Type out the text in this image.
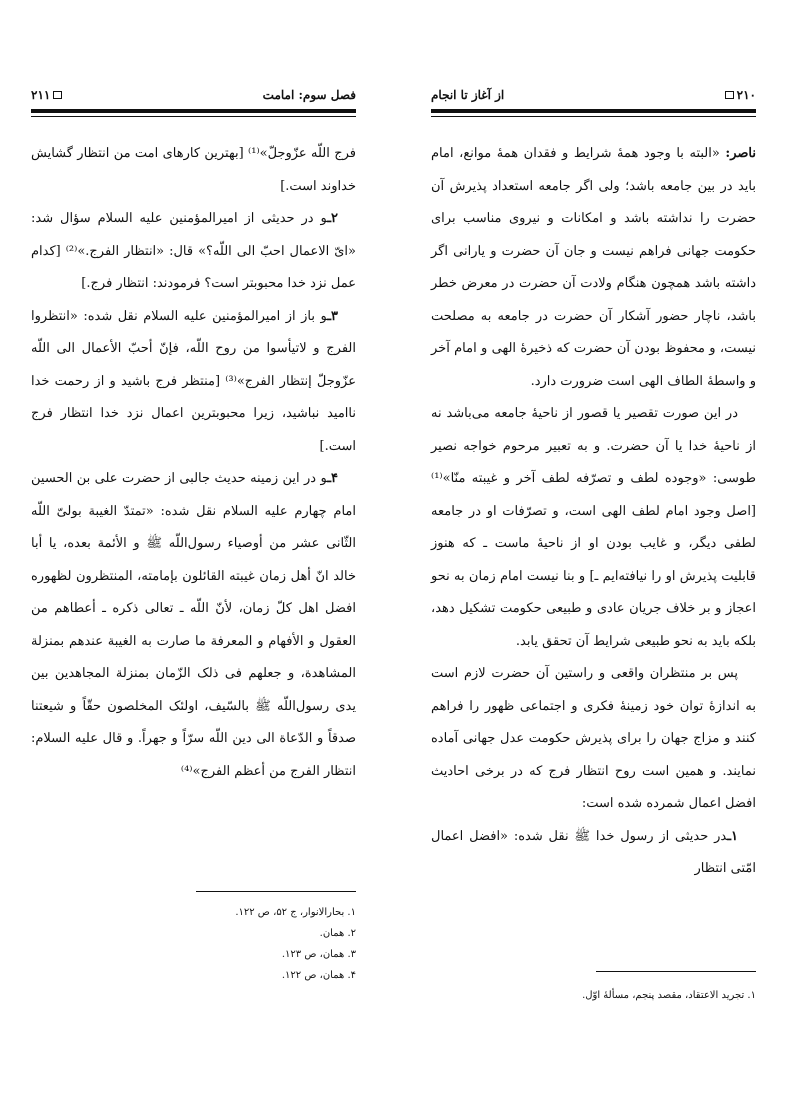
۲۱۰
از آغاز تا انجام

ناصر: «البته با وجود همهٔ شرایط و فقدان همهٔ موانع، امام باید در بین جامعه باشد؛ ولی اگر جامعه استعداد پذیرش آن حضرت را نداشته باشد و امکانات و نیروی مناسب برای حکومت جهانی فراهم نیست و جان آن حضرت و یارانی اگر داشته باشد همچون هنگام ولادت آن حضرت در معرض خطر باشد، ناچار حضور آشکار آن حضرت در جامعه به مصلحت نیست، و محفوظ بودن آن حضرت که ذخیرهٔ الهی و امام آخر و واسطهٔ الطاف الهی است ضرورت دارد.

در این صورت تقصیر یا قصور از ناحیهٔ جامعه می‌باشد نه از ناحیهٔ خدا یا آن حضرت. و به تعبیر مرحوم خواجه نصیر طوسی: «وجوده لطف و تصرّفه لطف آخر و غیبته منّا»⁽¹⁾ [اصل وجود امام لطف الهی است، و تصرّفات او در جامعه لطفی دیگر، و غایب بودن او از ناحیهٔ ماست ـ که هنوز قابلیت پذیرش او را نیافته‌ایم ـ] و بنا نیست امام زمان به نحو اعجاز و بر خلاف جریان عادی و طبیعی حکومت تشکیل دهد، بلکه باید به نحو طبیعی شرایط آن تحقق یابد.

پس بر منتظران واقعی و راستین آن حضرت لازم است به اندازهٔ توان خود زمینهٔ فکری و اجتماعی ظهور را فراهم کنند و مزاج جهان را برای پذیرش حکومت عدل جهانی آماده نمایند. و همین است روح انتظار فرج که در برخی احادیث افضل اعمال شمرده شده است:

۱ـدر حدیثی از رسول خدا ﷺ نقل شده: «افضل اعمال امّتی انتظار

۱. تجرید الاعتقاد، مقصد پنجم، مسألهٔ اوّل.
فصل سوم: امامت
۲۱۱

فرج اللّه عزّوجلّ»⁽¹⁾ [بهترین کارهای امت من انتظار گشایش خداوند است.]

۲ـو در حدیثی از امیرالمؤمنین علیه السلام سؤال شد: «ایّ الاعمال احبّ الی اللّه؟» قال: «انتظار الفرج.»⁽²⁾ [کدام عمل نزد خدا محبوبتر است؟ فرمودند: انتظار فرج.]

۳ـو باز از امیرالمؤمنین علیه السلام نقل شده: «انتظروا الفرج و لاتیأسوا من روح اللّه، فإنّ أحبّ الأعمال الی اللّه عزّوجلّ إنتظار الفرج»⁽³⁾ [منتظر فرج باشید و از رحمت خدا ناامید نباشید، زیرا محبوبترین اعمال نزد خدا انتظار فرج است.]

۴ـو در این زمینه حدیث جالبی از حضرت علی بن الحسین امام چهارم علیه السلام نقل شده: «تمتدّ الغیبة بولیّ اللّه الثّانی عشر من أوصیاء رسول‌اللّه ﷺ و الأئمة بعده، یا أبا خالد انّ أهل زمان غیبته القائلون بإمامته، المنتظرون لظهوره افضل اهل کلّ زمان، لأنّ اللّه ـ تعالی ذکره ـ أعطاهم من العقول و الأفهام و المعرفة ما صارت به الغیبة عندهم بمنزلة المشاهدة، و جعلهم فی ذلک الزّمان بمنزلة المجاهدین بین یدی رسول‌اللّه ﷺ بالسّیف، اولئک المخلصون حقّاً و شیعتنا صدقاً و الدّعاة الی دین اللّه سرّاً و جهراً. و قال علیه السلام: انتظار الفرج من أعظم الفرج»⁽⁴⁾

۱. بحارالانوار، ج ۵۲، ص ۱۲۲.
۲. همان.
۳. همان، ص ۱۲۳.
۴. همان، ص ۱۲۲.
